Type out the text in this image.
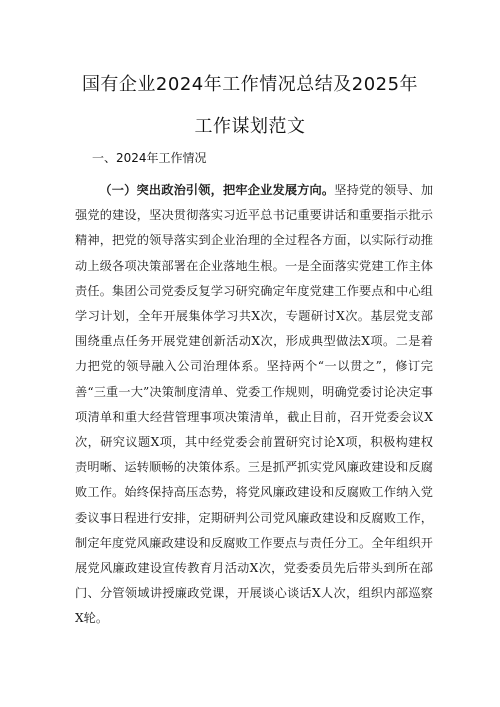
国有企业2024年工作情况总结及2025年
工作谋划范文
一、2024年工作情况

（一）突出政治引领，把牢企业发展方向。坚持党的领导、加强党的建设，坚决贯彻落实习近平总书记重要讲话和重要指示批示精神，把党的领导落实到企业治理的全过程各方面，以实际行动推动上级各项决策部署在企业落地生根。一是全面落实党建工作主体责任。集团公司党委反复学习研究确定年度党建工作要点和中心组学习计划，全年开展集体学习共X次，专题研讨X次。基层党支部围绕重点任务开展党建创新活动X次，形成典型做法X项。二是着力把党的领导融入公司治理体系。坚持两个“一以贯之”，修订完善“三重一大”决策制度清单、党委工作规则，明确党委讨论决定事项清单和重大经营管理事项决策清单，截止目前，召开党委会议X次，研究议题X项，其中经党委会前置研究讨论X项，积极构建权责明晰、运转顺畅的决策体系。三是抓严抓实党风廉政建设和反腐败工作。始终保持高压态势，将党风廉政建设和反腐败工作纳入党委议事日程进行安排，定期研判公司党风廉政建设和反腐败工作，制定年度党风廉政建设和反腐败工作要点与责任分工。全年组织开展党风廉政建设宣传教育月活动X次，党委委员先后带头到所在部门、分管领域讲授廉政党课，开展谈心谈话X人次，组织内部巡察X轮。
